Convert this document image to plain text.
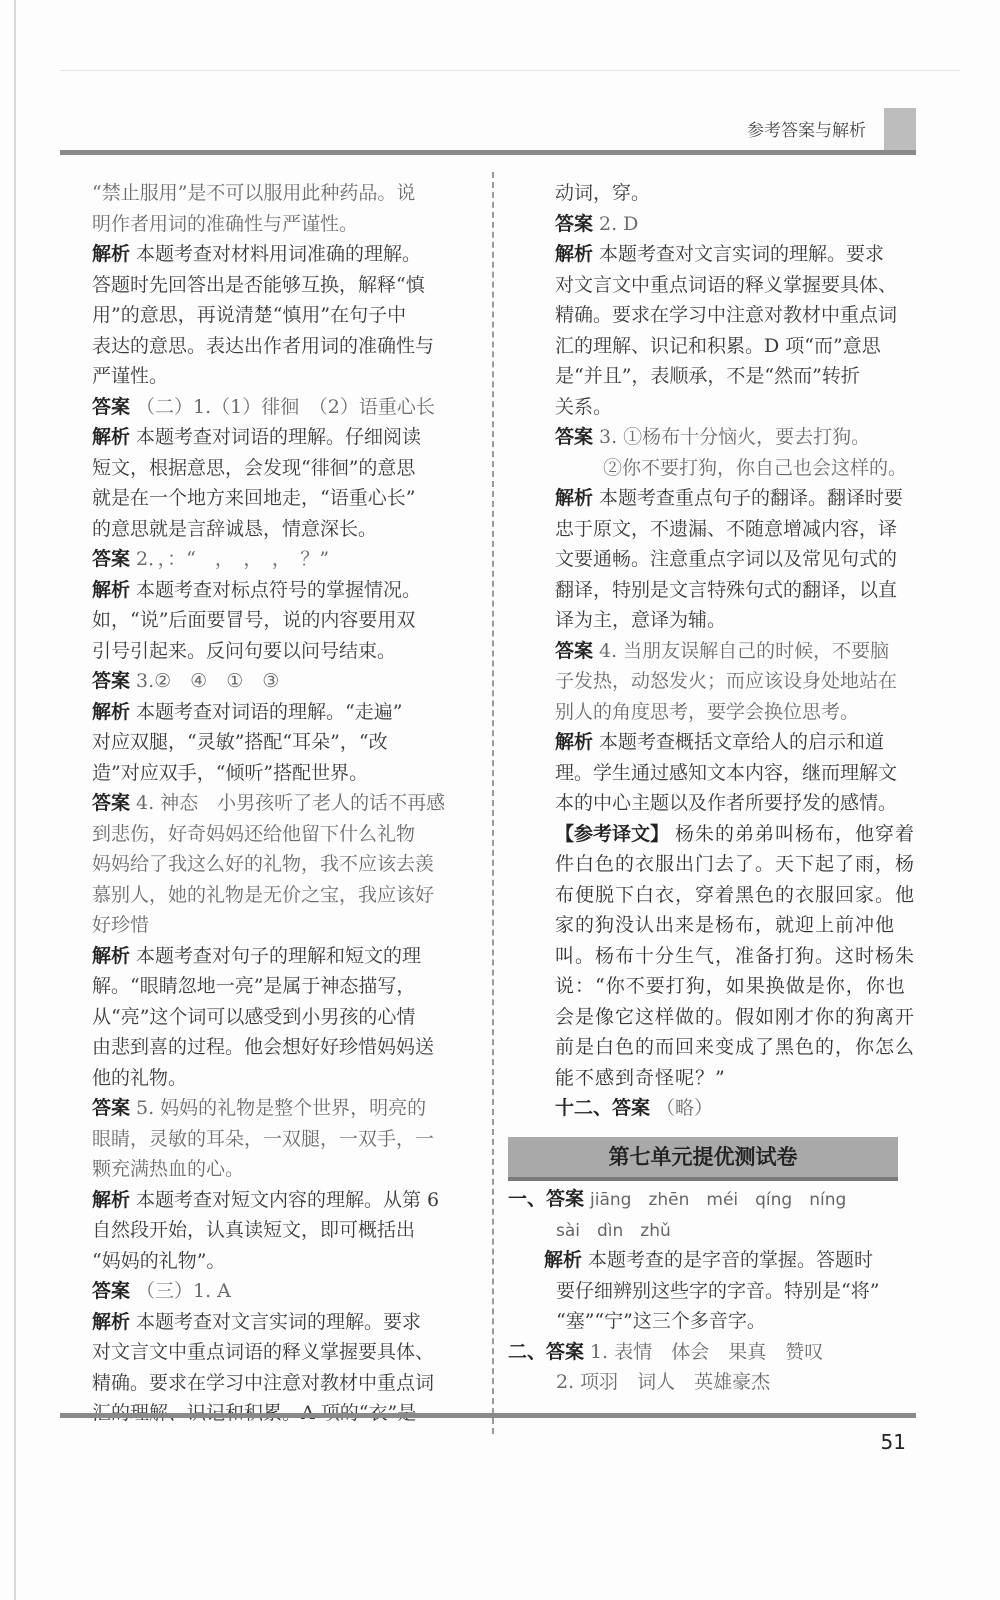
参考答案与解析
“禁止服用”是不可以服用此种药品。说
明作者用词的准确性与严谨性。
解析 本题考查对材料用词准确的理解。
答题时先回答出是否能够互换，解释“慎
用”的意思，再说清楚“慎用”在句子中
表达的意思。表达出作者用词的准确性与
严谨性。
答案 （二）1.（1）徘徊　（2）语重心长
解析 本题考查对词语的理解。仔细阅读
短文，根据意思，会发现“徘徊”的意思
就是在一个地方来回地走，“语重心长”
的意思就是言辞诚恳，情意深长。
答案 2．，：“　，　，　，　？”
解析 本题考查对标点符号的掌握情况。
如，“说”后面要冒号，说的内容要用双
引号引起来。反问句要以问号结束。
答案 3.②　④　①　③
解析 本题考查对词语的理解。“走遍”
对应双腿，“灵敏”搭配“耳朵”，“改
造”对应双手，“倾听”搭配世界。
答案 4. 神态　小男孩听了老人的话不再感
到悲伤，好奇妈妈还给他留下什么礼物
妈妈给了我这么好的礼物，我不应该去羡
慕别人，她的礼物是无价之宝，我应该好
好珍惜
解析 本题考查对句子的理解和短文的理
解。“眼睛忽地一亮”是属于神态描写，
从“亮”这个词可以感受到小男孩的心情
由悲到喜的过程。他会想好好珍惜妈妈送
他的礼物。
答案 5. 妈妈的礼物是整个世界，明亮的
眼睛，灵敏的耳朵，一双腿，一双手，一
颗充满热血的心。
解析 本题考查对短文内容的理解。从第 6
自然段开始，认真读短文，即可概括出
“妈妈的礼物”。
答案 （三）1. A
解析 本题考查对文言实词的理解。要求
对文言文中重点词语的释义掌握要具体、
精确。要求在学习中注意对教材中重点词
动词，穿。
答案 2. D
解析 本题考查对文言实词的理解。要求
对文言文中重点词语的释义掌握要具体、
精确。要求在学习中注意对教材中重点词
汇的理解、识记和积累。D 项“而”意思
是“并且”，表顺承，不是“然而”转折
关系。
答案 3. ①杨布十分恼火，要去打狗。
②你不要打狗，你自己也会这样的。
解析 本题考查重点句子的翻译。翻译时要
忠于原文，不遗漏、不随意增减内容，译
文要通畅。注意重点字词以及常见句式的
翻译，特别是文言特殊句式的翻译，以直
译为主，意译为辅。
答案 4. 当朋友误解自己的时候，不要脑
子发热，动怒发火；而应该设身处地站在
别人的角度思考，要学会换位思考。
解析 本题考查概括文章给人的启示和道
理。学生通过感知文本内容，继而理解文
本的中心主题以及作者所要抒发的感情。
【参考译文】 杨朱的弟弟叫杨布，他穿着
件白色的衣服出门去了。天下起了雨，杨
布便脱下白衣，穿着黑色的衣服回家。他
家的狗没认出来是杨布，就迎上前冲他
叫。杨布十分生气，准备打狗。这时杨朱
说：“你不要打狗，如果换做是你，你也
会是像它这样做的。假如刚才你的狗离开
前是白色的而回来变成了黑色的，你怎么
能不感到奇怪呢？”
十二、答案 （略）
第七单元提优测试卷
一、答案 jiāng　zhēn　méi　qíng　níng
sài　dìn　zhǔ
解析 本题考查的是字音的掌握。答题时
要仔细辨别这些字的字音。特别是“将”
“塞”“宁”这三个多音字。
二、答案 1. 表情　体会　果真　赞叹
2. 项羽　词人　英雄豪杰
51
